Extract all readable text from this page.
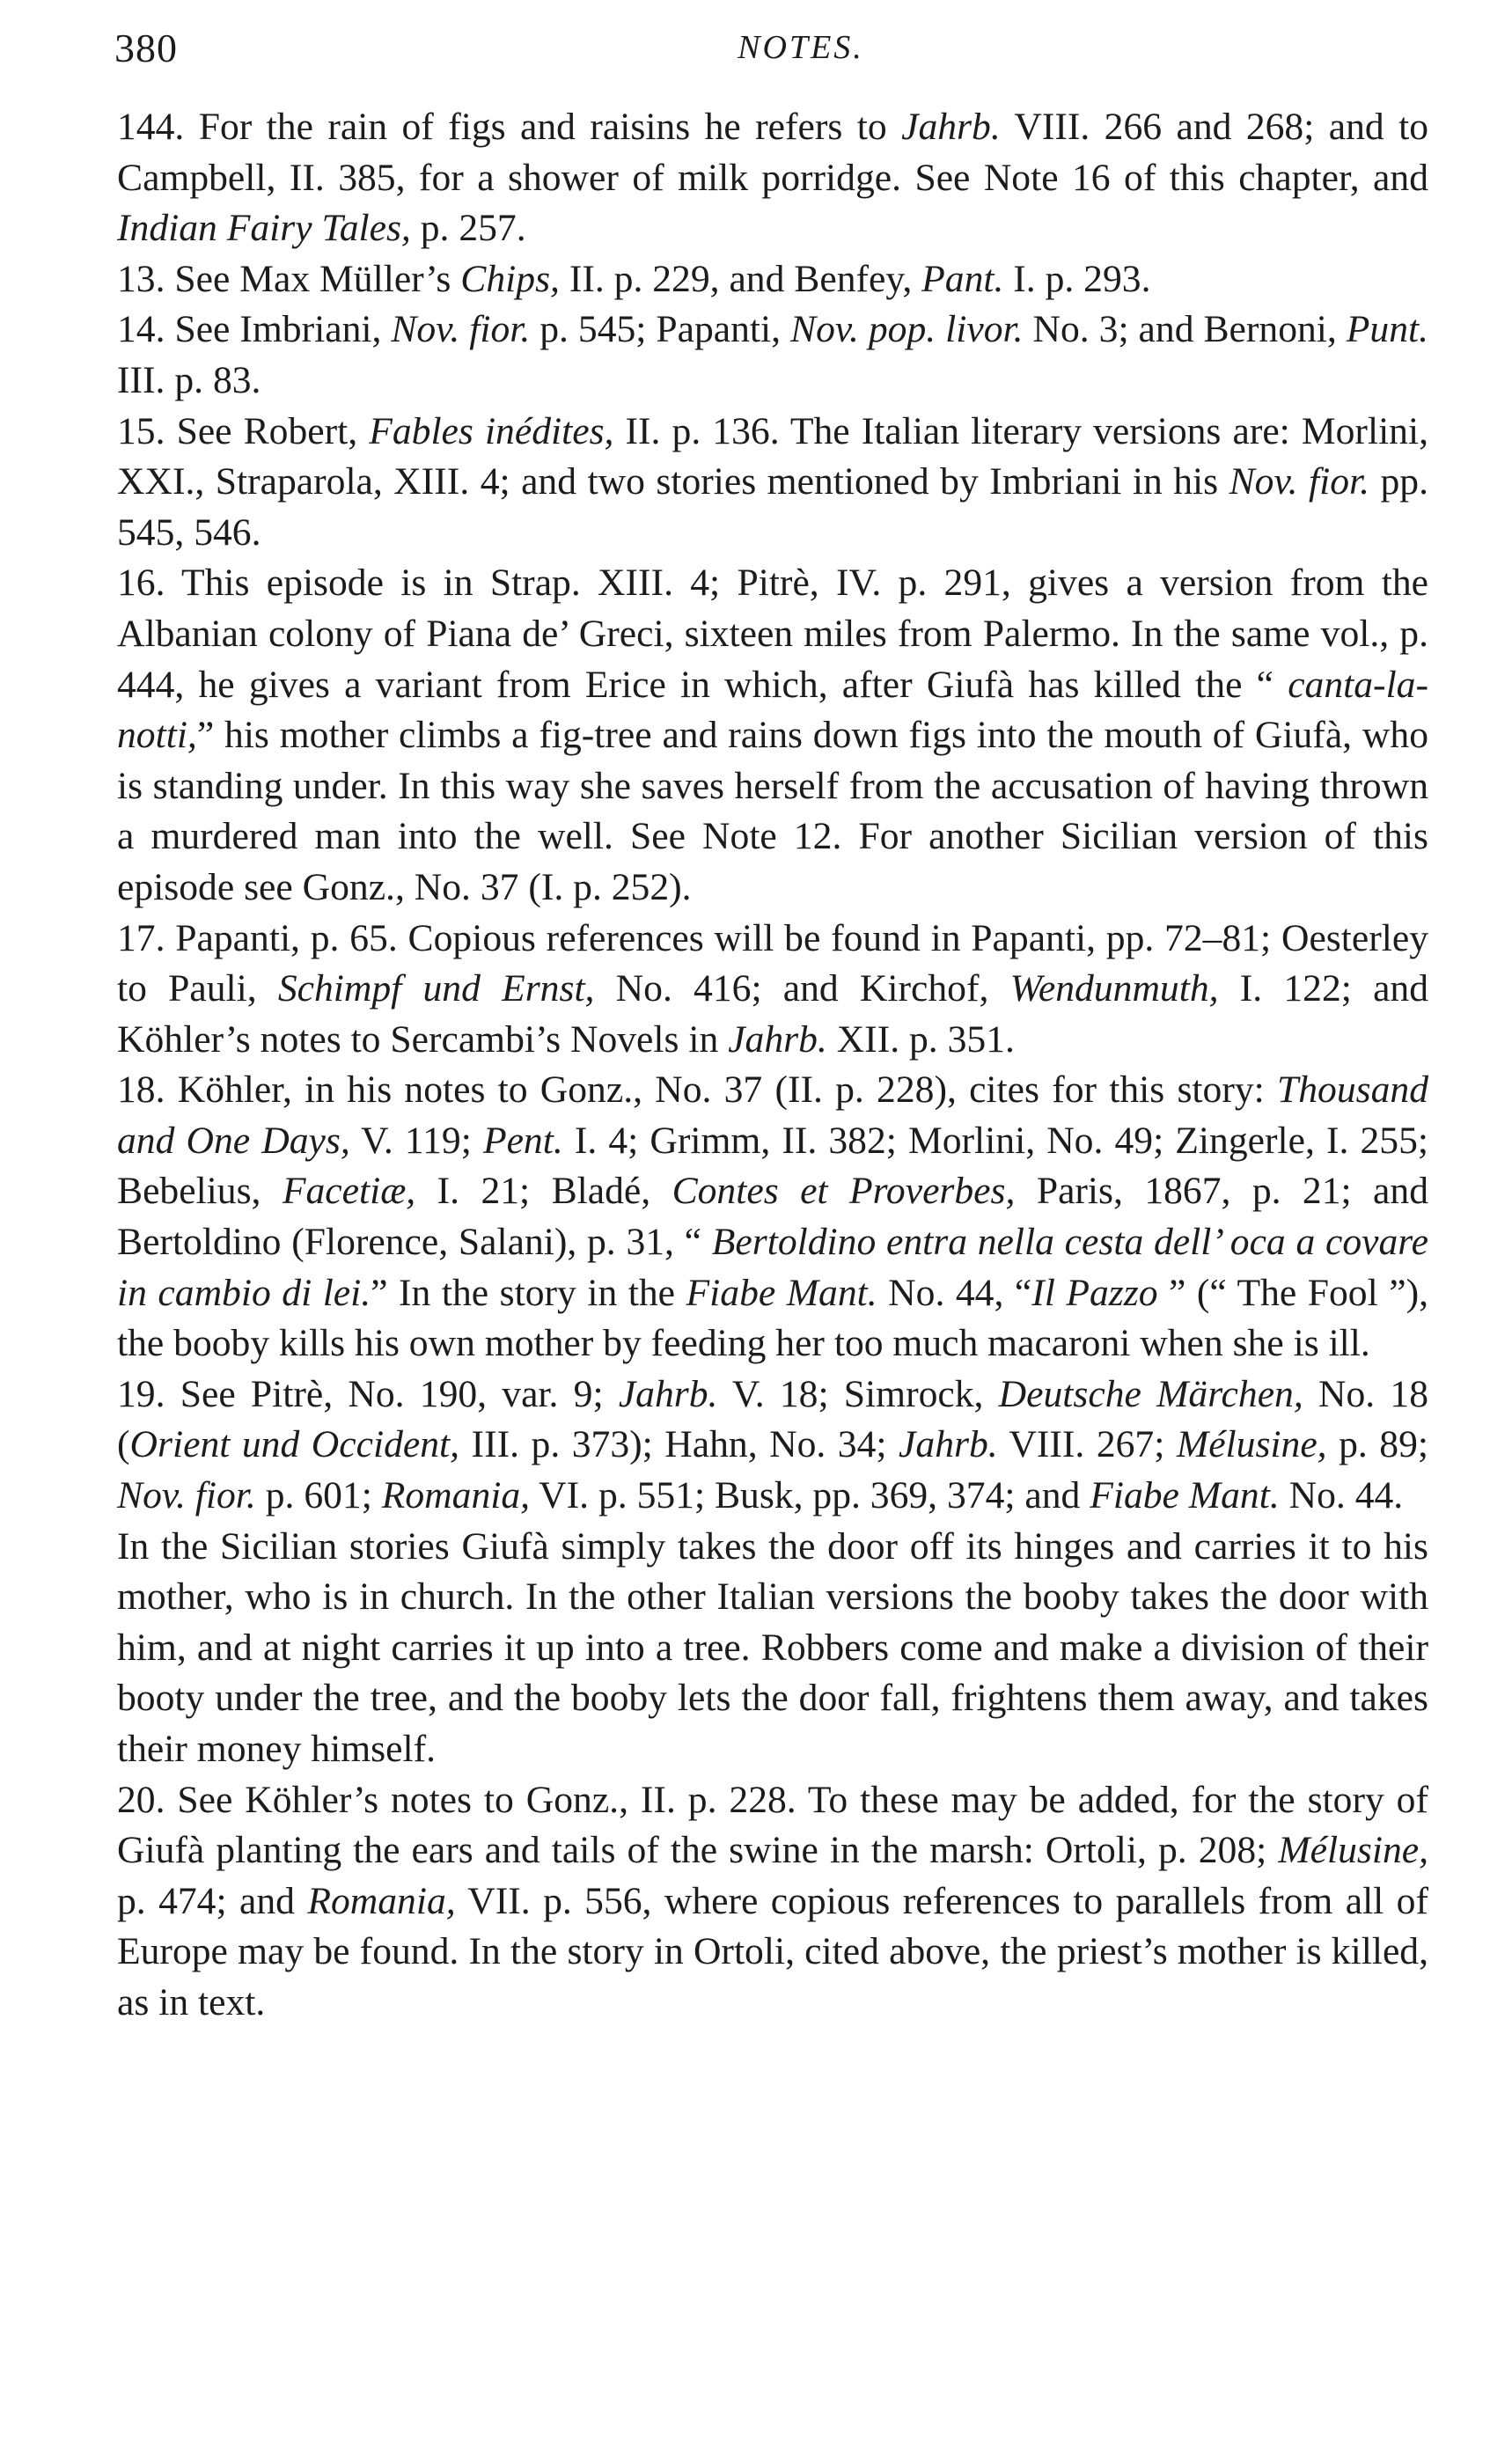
380	NOTES.

144. For the rain of figs and raisins he refers to Jahrb. VIII. 266 and 268; and to Campbell, II. 385, for a shower of milk porridge. See Note 16 of this chapter, and Indian Fairy Tales, p. 257.

13. See Max Müller’s Chips, II. p. 229, and Benfey, Pant. I. p. 293.

14. See Imbriani, Nov. fior. p. 545; Papanti, Nov. pop. livor. No. 3; and Bernoni, Punt. III. p. 83.

15. See Robert, Fables inédites, II. p. 136. The Italian literary versions are: Morlini, XXI., Straparola, XIII. 4; and two stories mentioned by Imbriani in his Nov. fior. pp. 545, 546.

16. This episode is in Strap. XIII. 4; Pitrè, IV. p. 291, gives a version from the Albanian colony of Piana de’ Greci, sixteen miles from Palermo. In the same vol., p. 444, he gives a variant from Erice in which, after Giufà has killed the “ canta-la-notti,” his mother climbs a fig-tree and rains down figs into the mouth of Giufà, who is standing under. In this way she saves herself from the accusation of having thrown a murdered man into the well. See Note 12. For another Sicilian version of this episode see Gonz., No. 37 (I. p. 252).

17. Papanti, p. 65. Copious references will be found in Papanti, pp. 72–81; Oesterley to Pauli, Schimpf und Ernst, No. 416; and Kirchof, Wendunmuth, I. 122; and Köhler’s notes to Sercambi’s Novels in Jahrb. XII. p. 351.

18. Köhler, in his notes to Gonz., No. 37 (II. p. 228), cites for this story: Thousand and One Days, V. 119; Pent. I. 4; Grimm, II. 382; Morlini, No. 49; Zingerle, I. 255; Bebelius, Facetiæ, I. 21; Bladé, Contes et Proverbes, Paris, 1867, p. 21; and Bertoldino (Florence, Salani), p. 31, “ Bertoldino entra nella cesta dell’ oca a covare in cambio di lei.” In the story in the Fiabe Mant. No. 44, “Il Pazzo ” (“ The Fool ”), the booby kills his own mother by feeding her too much macaroni when she is ill.

19. See Pitrè, No. 190, var. 9; Jahrb. V. 18; Simrock, Deutsche Märchen, No. 18 (Orient und Occident, III. p. 373); Hahn, No. 34; Jahrb. VIII. 267; Mélusine, p. 89; Nov. fior. p. 601; Romania, VI. p. 551; Busk, pp. 369, 374; and Fiabe Mant. No. 44.

In the Sicilian stories Giufà simply takes the door off its hinges and carries it to his mother, who is in church. In the other Italian versions the booby takes the door with him, and at night carries it up into a tree. Robbers come and make a division of their booty under the tree, and the booby lets the door fall, frightens them away, and takes their money himself.

20. See Köhler’s notes to Gonz., II. p. 228. To these may be added, for the story of Giufà planting the ears and tails of the swine in the marsh: Ortoli, p. 208; Mélusine, p. 474; and Romania, VII. p. 556, where copious references to parallels from all of Europe may be found. In the story in Ortoli, cited above, the priest’s mother is killed, as in text.
